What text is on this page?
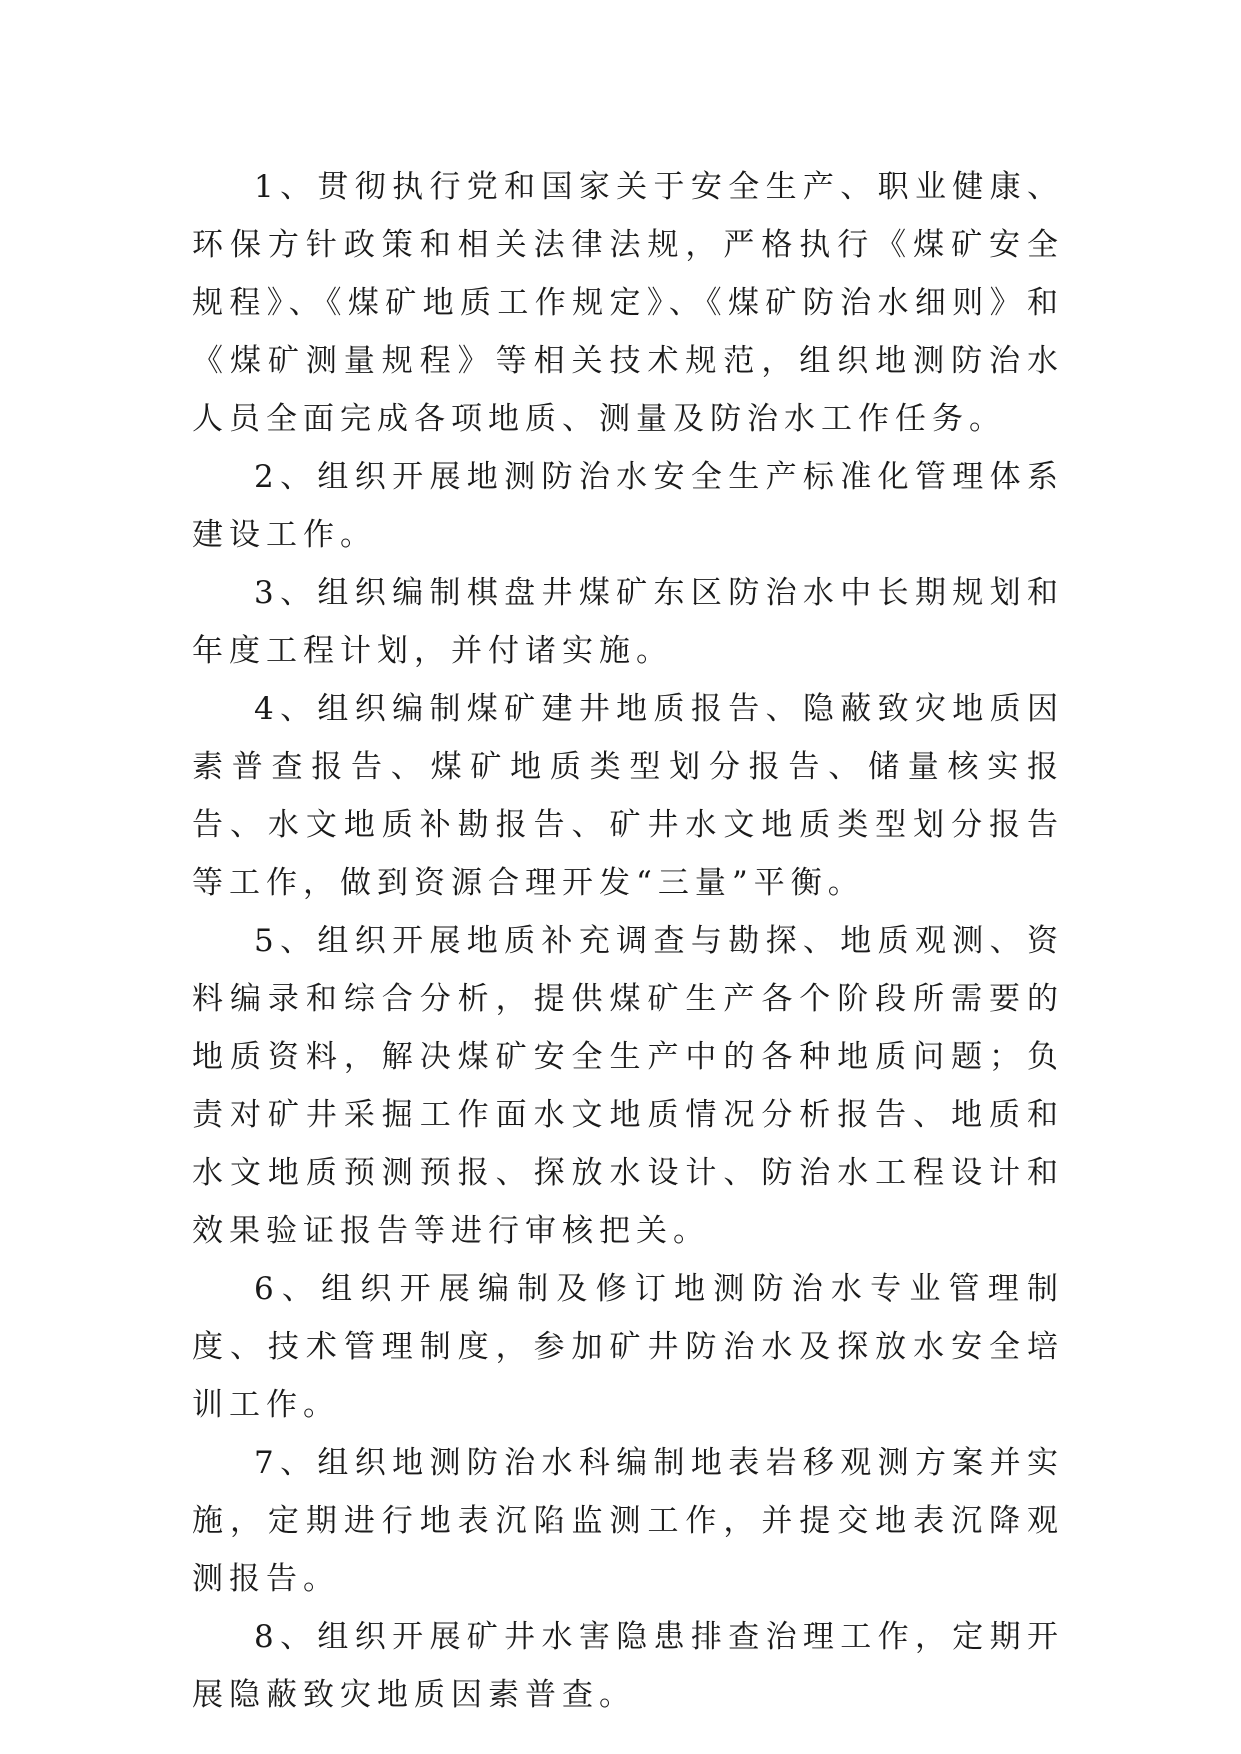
1、贯彻执行党和国家关于安全生产、职业健康、环保方针政策和相关法律法规，严格执行《煤矿安全规程》、《煤矿地质工作规定》、《煤矿防治水细则》和《煤矿测量规程》等相关技术规范，组织地测防治水人员全面完成各项地质、测量及防治水工作任务。

2、组织开展地测防治水安全生产标准化管理体系建设工作。

3、组织编制棋盘井煤矿东区防治水中长期规划和年度工程计划，并付诸实施。

4、组织编制煤矿建井地质报告、隐蔽致灾地质因素普查报告、煤矿地质类型划分报告、储量核实报告、水文地质补勘报告、矿井水文地质类型划分报告等工作，做到资源合理开发“三量”平衡。

5、组织开展地质补充调查与勘探、地质观测、资料编录和综合分析，提供煤矿生产各个阶段所需要的地质资料，解决煤矿安全生产中的各种地质问题；负责对矿井采掘工作面水文地质情况分析报告、地质和水文地质预测预报、探放水设计、防治水工程设计和效果验证报告等进行审核把关。

6、组织开展编制及修订地测防治水专业管理制度、技术管理制度，参加矿井防治水及探放水安全培训工作。

7、组织地测防治水科编制地表岩移观测方案并实施，定期进行地表沉陷监测工作，并提交地表沉降观测报告。

8、组织开展矿井水害隐患排查治理工作，定期开展隐蔽致灾地质因素普查。
